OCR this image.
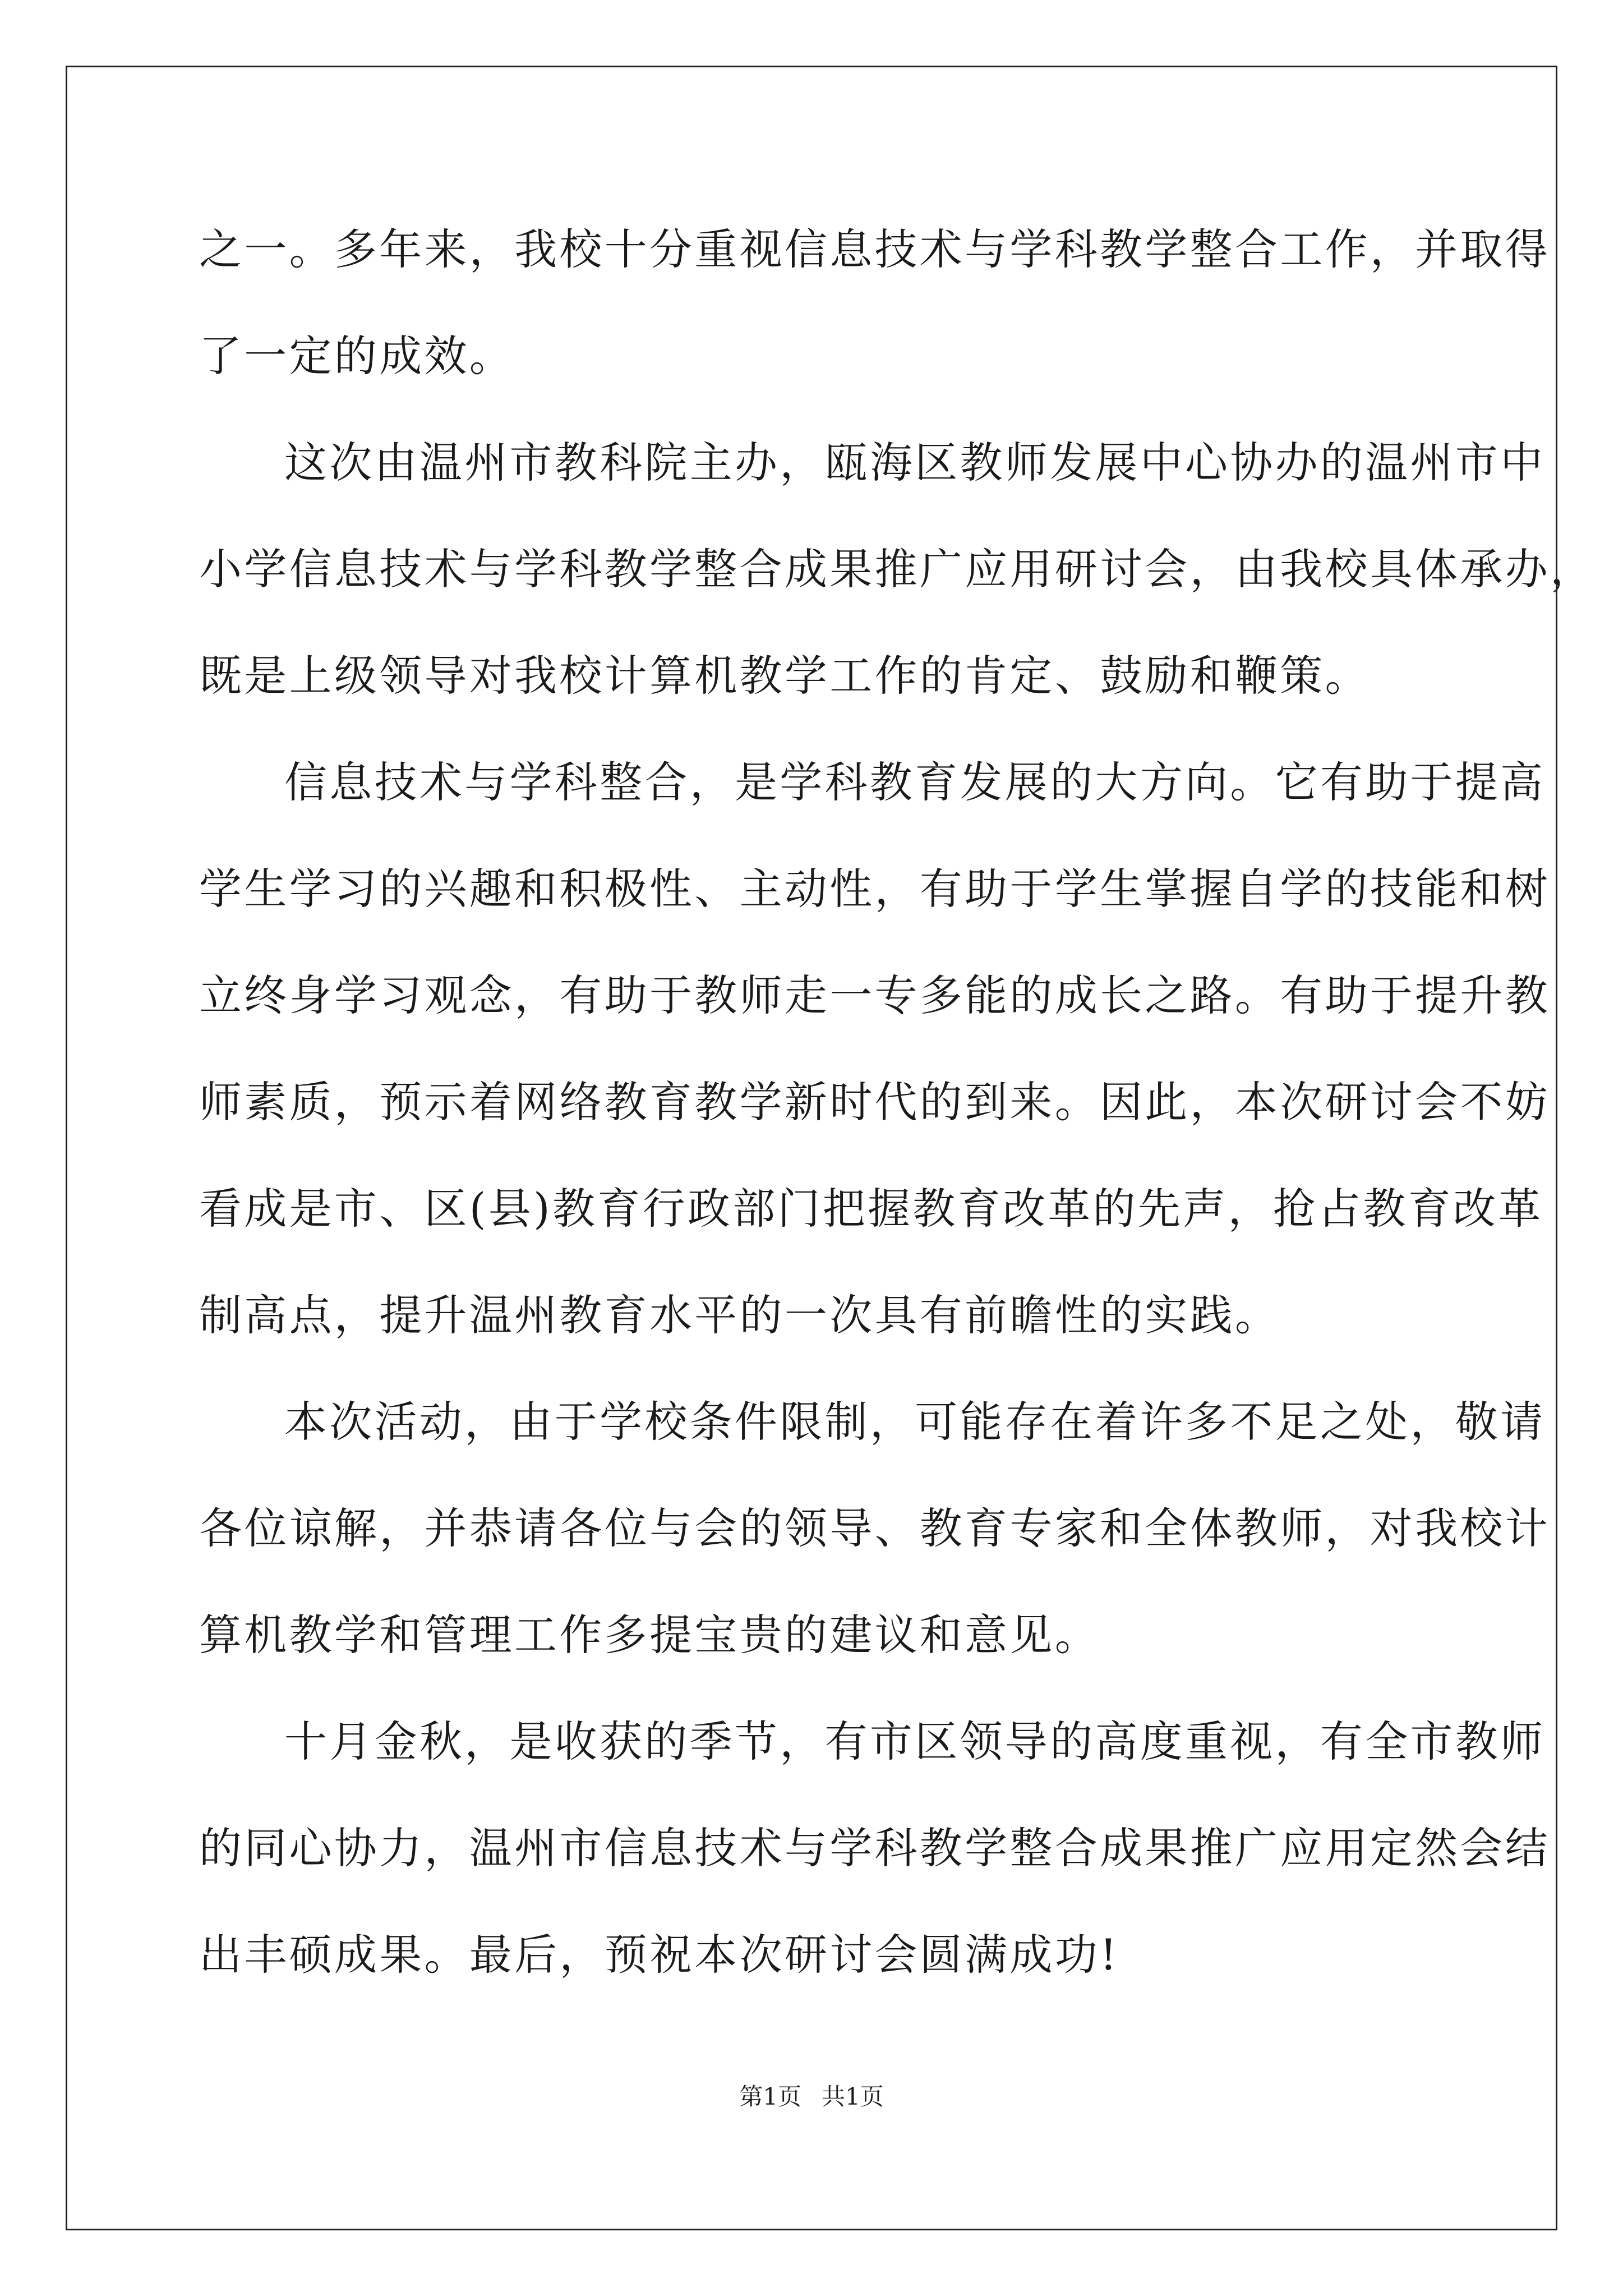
之一。多年来，我校十分重视信息技术与学科教学整合工作，并取得
了一定的成效。
这次由温州市教科院主办，瓯海区教师发展中心协办的温州市中
小学信息技术与学科教学整合成果推广应用研讨会，由我校具体承办，
既是上级领导对我校计算机教学工作的肯定、鼓励和鞭策。
信息技术与学科整合，是学科教育发展的大方向。它有助于提高
学生学习的兴趣和积极性、主动性，有助于学生掌握自学的技能和树
立终身学习观念，有助于教师走一专多能的成长之路。有助于提升教
师素质，预示着网络教育教学新时代的到来。因此，本次研讨会不妨
看成是市、区(县)教育行政部门把握教育改革的先声，抢占教育改革
制高点，提升温州教育水平的一次具有前瞻性的实践。
本次活动，由于学校条件限制，可能存在着许多不足之处，敬请
各位谅解，并恭请各位与会的领导、教育专家和全体教师，对我校计
算机教学和管理工作多提宝贵的建议和意见。
十月金秋，是收获的季节，有市区领导的高度重视，有全市教师
的同心协力，温州市信息技术与学科教学整合成果推广应用定然会结
出丰硕成果。最后，预祝本次研讨会圆满成功!
第1页 共1页
